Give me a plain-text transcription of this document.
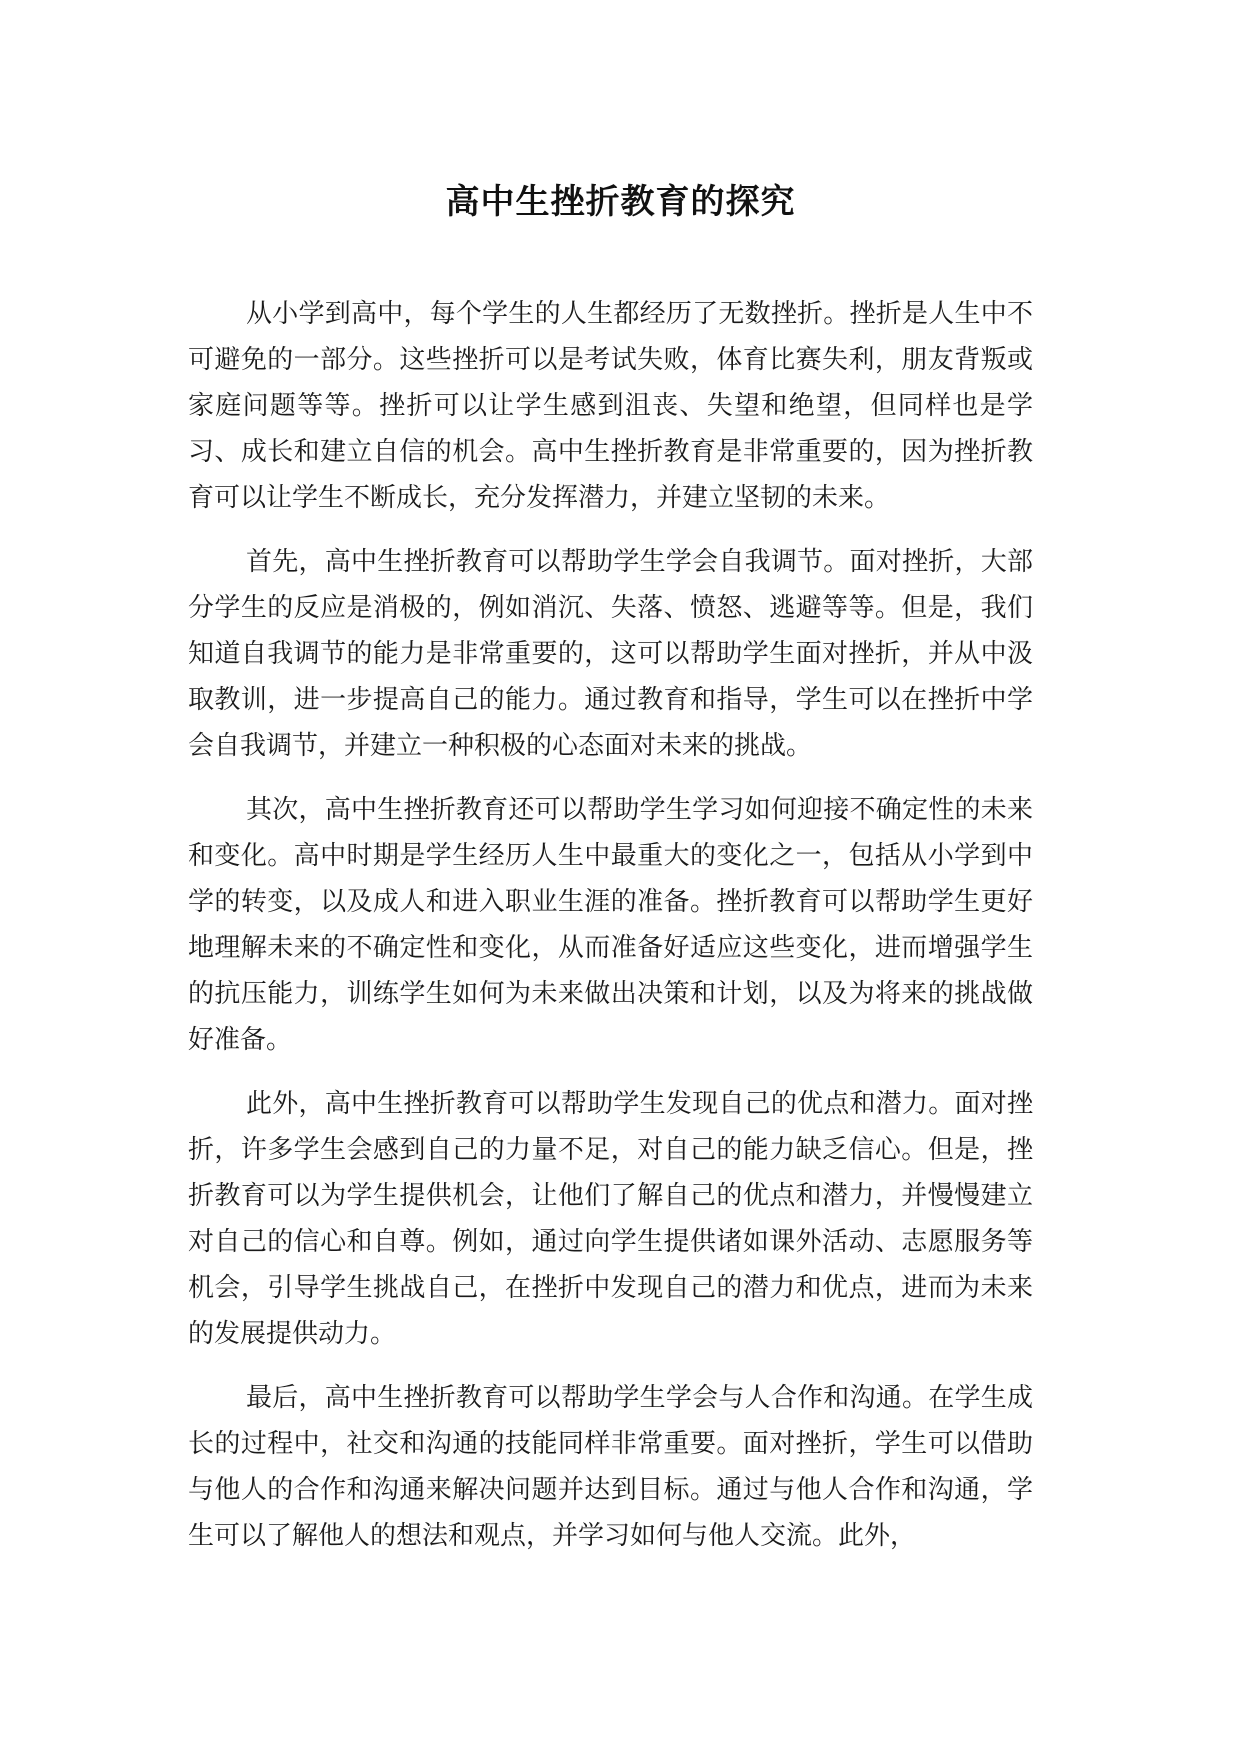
高中生挫折教育的探究

从小学到高中，每个学生的人生都经历了无数挫折。挫折是人生中不可避免的一部分。这些挫折可以是考试失败，体育比赛失利，朋友背叛或家庭问题等等。挫折可以让学生感到沮丧、失望和绝望，但同样也是学习、成长和建立自信的机会。高中生挫折教育是非常重要的，因为挫折教育可以让学生不断成长，充分发挥潜力，并建立坚韧的未来。

首先，高中生挫折教育可以帮助学生学会自我调节。面对挫折，大部分学生的反应是消极的，例如消沉、失落、愤怒、逃避等等。但是，我们知道自我调节的能力是非常重要的，这可以帮助学生面对挫折，并从中汲取教训，进一步提高自己的能力。通过教育和指导，学生可以在挫折中学会自我调节，并建立一种积极的心态面对未来的挑战。

其次，高中生挫折教育还可以帮助学生学习如何迎接不确定性的未来和变化。高中时期是学生经历人生中最重大的变化之一，包括从小学到中学的转变，以及成人和进入职业生涯的准备。挫折教育可以帮助学生更好地理解未来的不确定性和变化，从而准备好适应这些变化，进而增强学生的抗压能力，训练学生如何为未来做出决策和计划，以及为将来的挑战做好准备。

此外，高中生挫折教育可以帮助学生发现自己的优点和潜力。面对挫折，许多学生会感到自己的力量不足，对自己的能力缺乏信心。但是，挫折教育可以为学生提供机会，让他们了解自己的优点和潜力，并慢慢建立对自己的信心和自尊。例如，通过向学生提供诸如课外活动、志愿服务等机会，引导学生挑战自己，在挫折中发现自己的潜力和优点，进而为未来的发展提供动力。

最后，高中生挫折教育可以帮助学生学会与人合作和沟通。在学生成长的过程中，社交和沟通的技能同样非常重要。面对挫折，学生可以借助与他人的合作和沟通来解决问题并达到目标。通过与他人合作和沟通，学生可以了解他人的想法和观点，并学习如何与他人交流。此外，
